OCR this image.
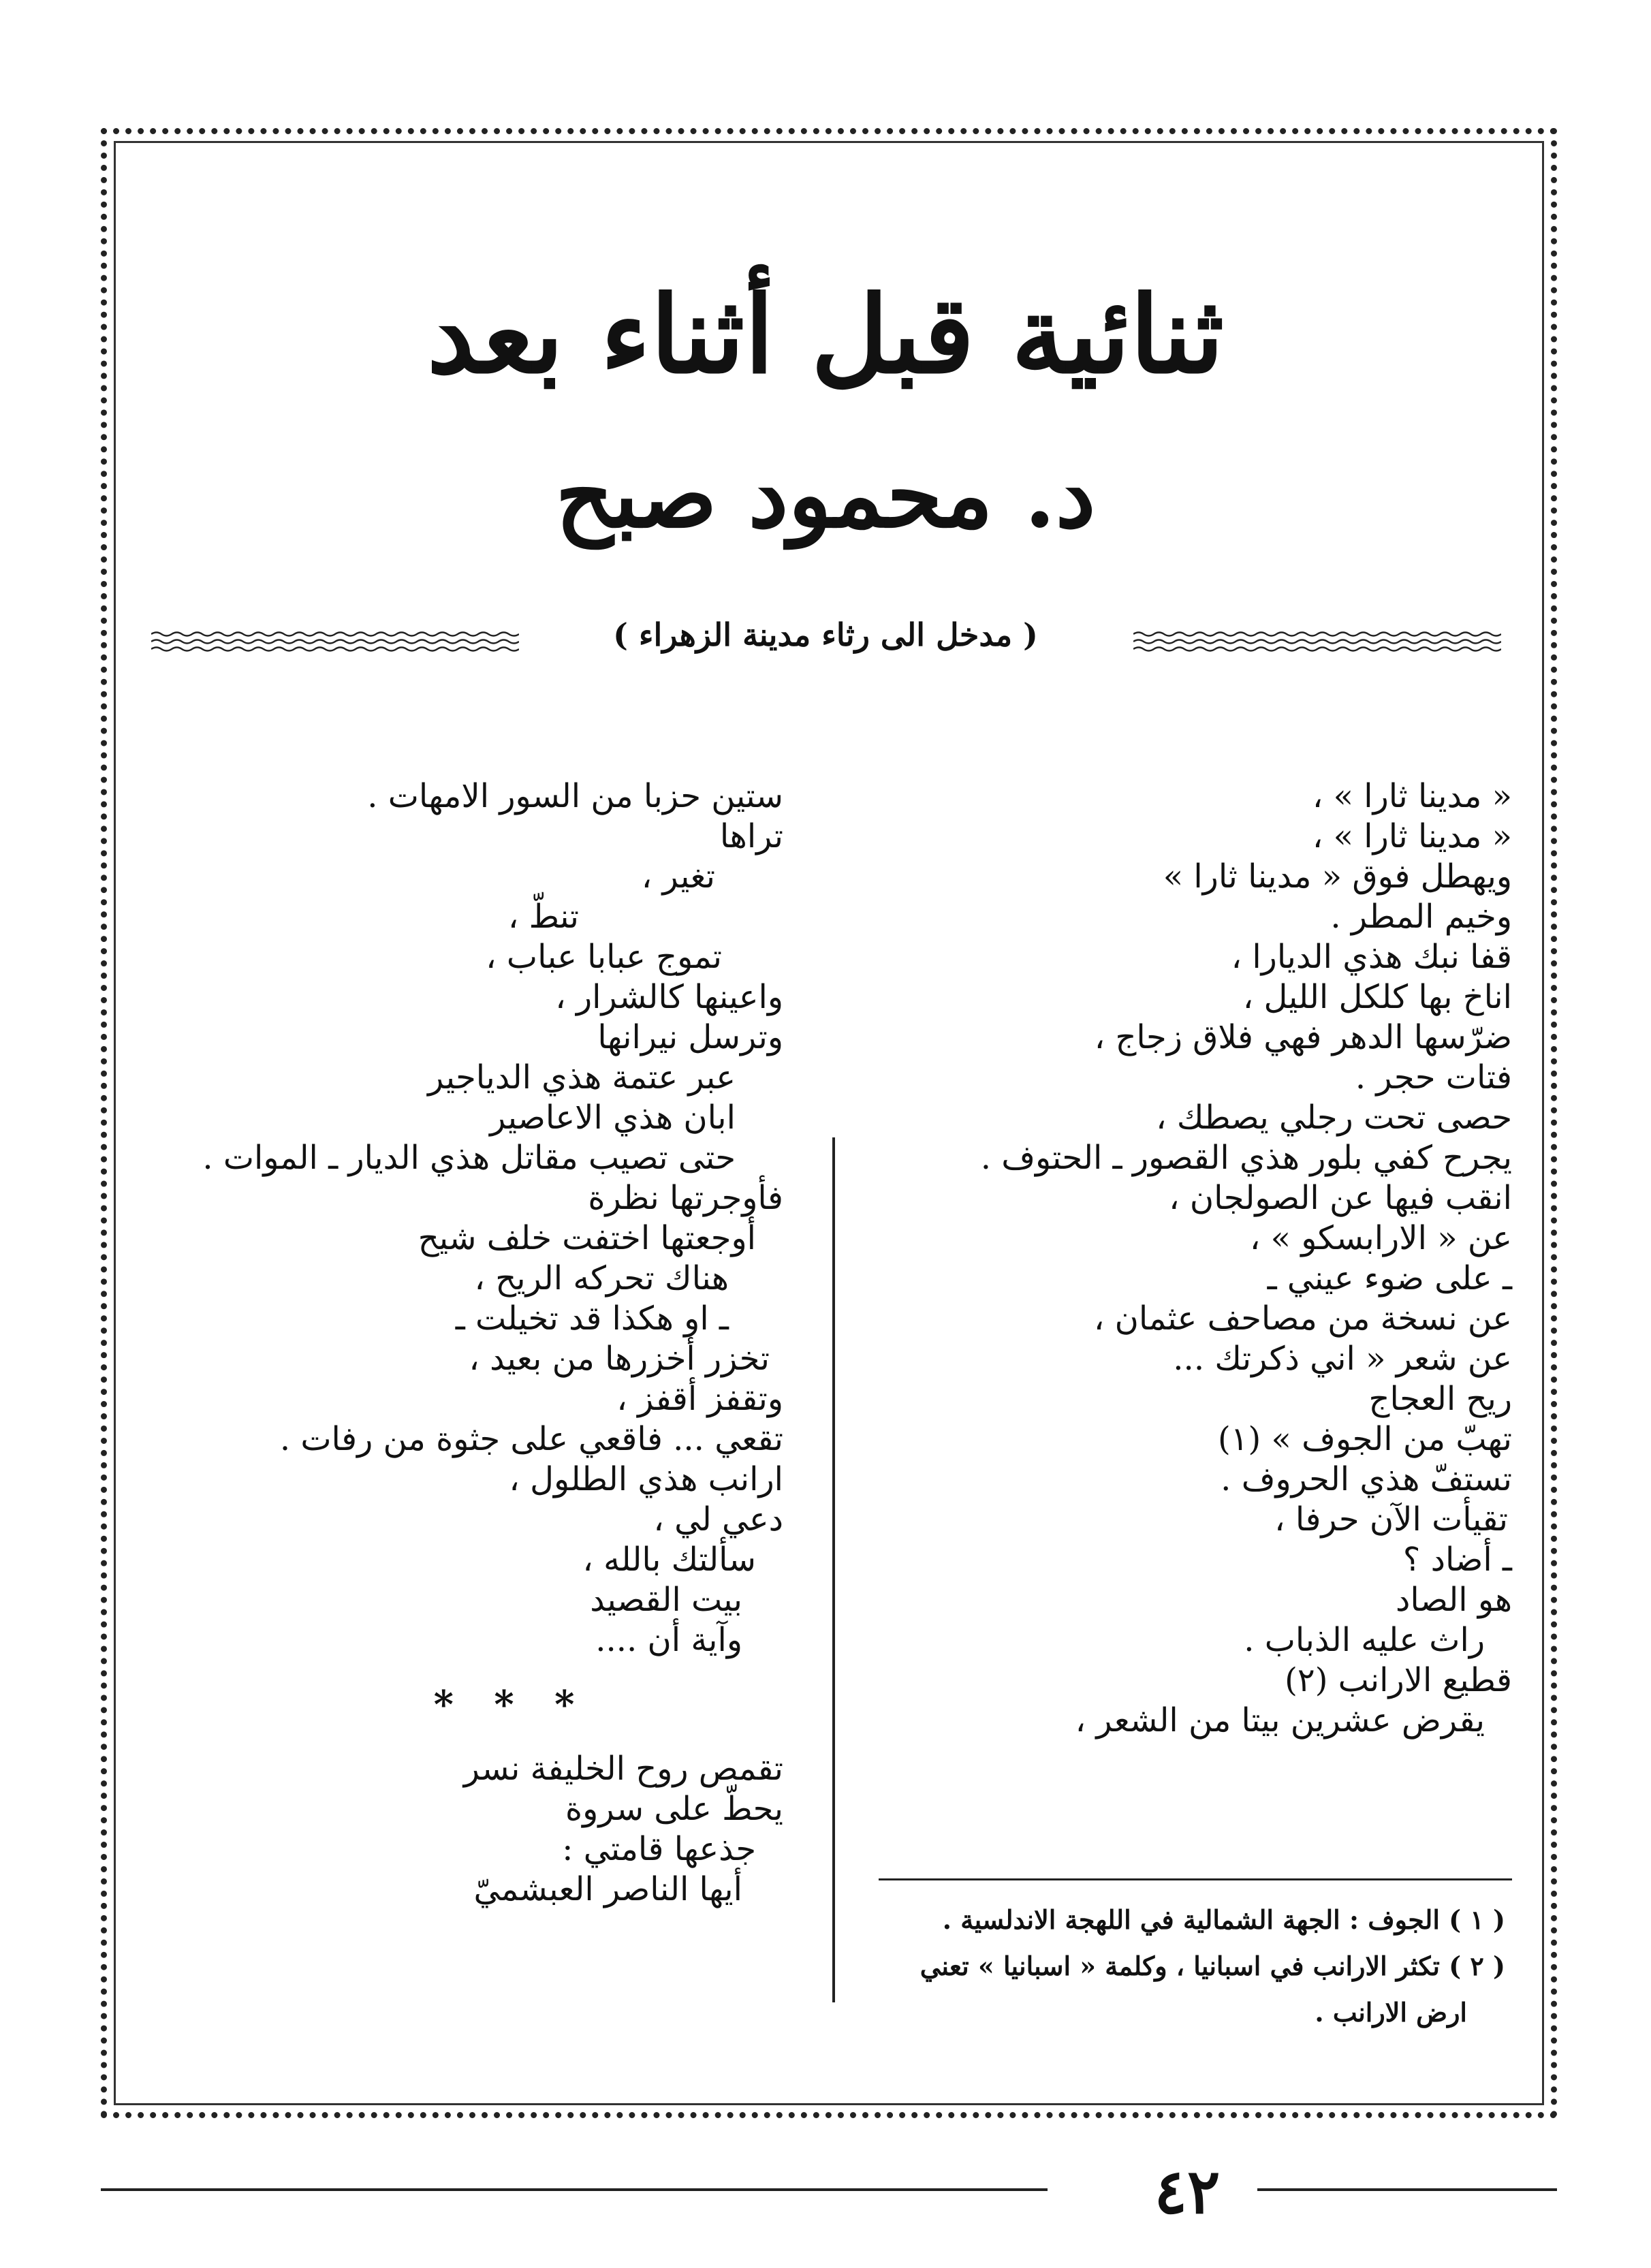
ثنائية قبل أثناء بعد
د. محمود صبح
( مدخل الى رثاء مدينة الزهراء )
« مدينا ثارا » ،
« مدينا ثارا » ،
ويهطل فوق « مدينا ثارا »
وخيم المطر .
قفا نبك هذي الديارا ،
اناخ بها كلكل الليل ،
ضرّسها الدهر فهي فلاق زجاج ،
فتات حجر .
حصى تحت رجلي يصطك ،
يجرح كفي بلور هذي القصور ـ الحتوف .
انقب فيها عن الصولجان ،
عن « الارابسكو » ،
ـ على ضوء عيني ـ
عن نسخة من مصاحف عثمان ،
عن شعر « اني ذكرتك ...
ريح العجاج
تهبّ من الجوف » (١)
تستفّ هذي الحروف .
تقيأت الآن حرفا ،
ـ أضاد ؟
هو الصاد
راث عليه الذباب .
قطيع الارانب (٢)
يقرض عشرين بيتا من الشعر ،
ستين حزبا من السور الامهات .
تراها
تغير ،
تنطّ ،
تموج عبابا عباب ،
واعينها كالشرار ،
وترسل نيرانها
عبر عتمة هذي الدياجير
ابان هذي الاعاصير
حتى تصيب مقاتل هذي الديار ـ الموات .
فأوجرتها نظرة
أوجعتها اختفت خلف شيح
هناك تحركه الريح ،
ـ او هكذا قد تخيلت ـ
تخزر أخزرها من بعيد ،
وتقفز أقفز ،
تقعي ... فاقعي على جثوة من رفات .
ارانب هذي الطلول ،
دعي لي ،
سألتك بالله ،
بيت القصيد
وآية أن ....
* * *
تقمص روح الخليفة نسر
يحطّ على سروة
جذعها قامتي :
أيها الناصر العبشميّ
( ١ ) الجوف : الجهة الشمالية في اللهجة الاندلسية .
( ٢ ) تكثر الارانب في اسبانيا ، وكلمة « اسبانيا » تعني
ارض الارانب .
٤٢
